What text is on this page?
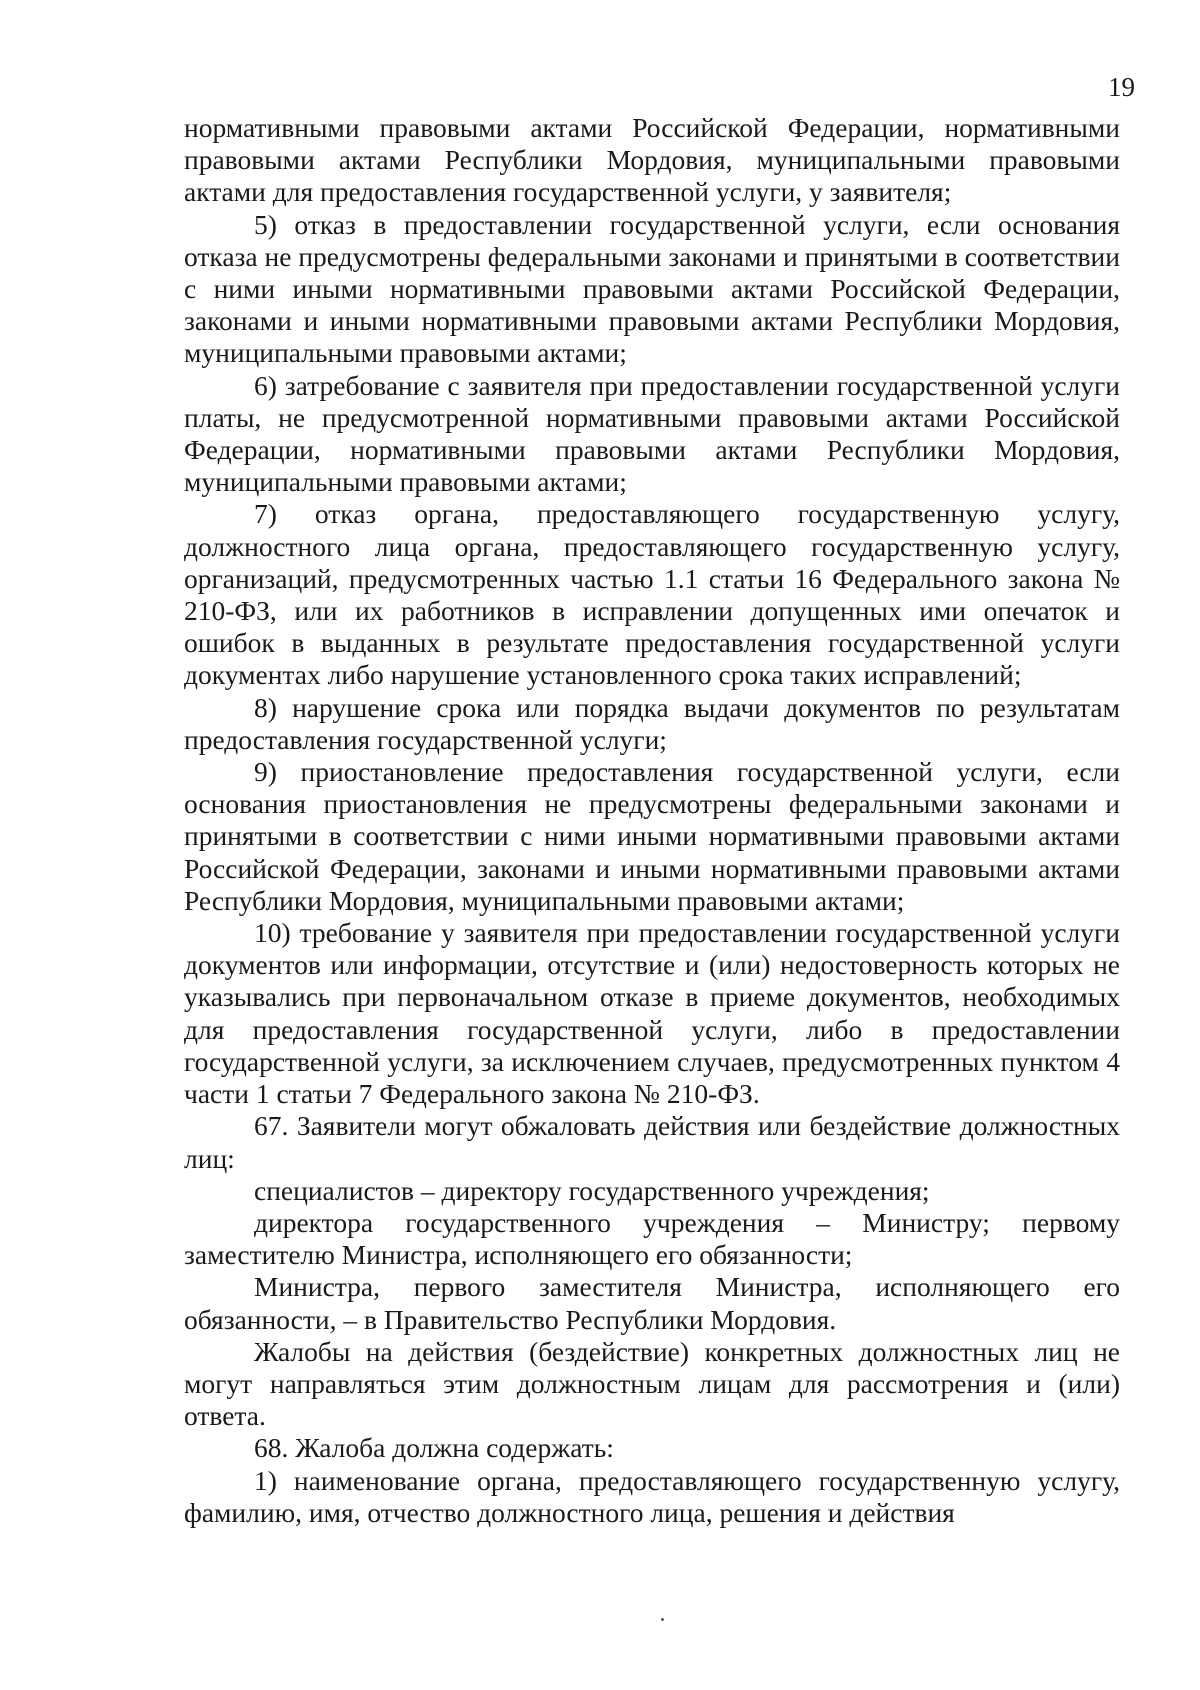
19

нормативными правовыми актами Российской Федерации, нормативными правовыми актами Республики Мордовия, муниципальными правовыми актами для предоставления государственной услуги, у заявителя;

5) отказ в предоставлении государственной услуги, если основания отказа не предусмотрены федеральными законами и принятыми в соответствии с ними иными нормативными правовыми актами Российской Федерации, законами и иными нормативными правовыми актами Республики Мордовия, муниципальными правовыми актами;

6) затребование с заявителя при предоставлении государственной услуги платы, не предусмотренной нормативными правовыми актами Российской Федерации, нормативными правовыми актами Республики Мордовия, муниципальными правовыми актами;

7) отказ органа, предоставляющего государственную услугу, должностного лица органа, предоставляющего государственную услугу, организаций, предусмотренных частью 1.1 статьи 16 Федерального закона № 210-ФЗ, или их работников в исправлении допущенных ими опечаток и ошибок в выданных в результате предоставления государственной услуги документах либо нарушение установленного срока таких исправлений;

8) нарушение срока или порядка выдачи документов по результатам предоставления государственной услуги;

9) приостановление предоставления государственной услуги, если основания приостановления не предусмотрены федеральными законами и принятыми в соответствии с ними иными нормативными правовыми актами Российской Федерации, законами и иными нормативными правовыми актами Республики Мордовия, муниципальными правовыми актами;

10) требование у заявителя при предоставлении государственной услуги документов или информации, отсутствие и (или) недостоверность которых не указывались при первоначальном отказе в приеме документов, необходимых для предоставления государственной услуги, либо в предоставлении государственной услуги, за исключением случаев, предусмотренных пунктом 4 части 1 статьи 7 Федерального закона № 210-ФЗ.

67. Заявители могут обжаловать действия или бездействие должностных лиц:

специалистов – директору государственного учреждения;

директора государственного учреждения – Министру; первому заместителю Министра, исполняющего его обязанности;

Министра, первого заместителя Министра, исполняющего его обязанности, – в Правительство Республики Мордовия.

Жалобы на действия (бездействие) конкретных должностных лиц не могут направляться этим должностным лицам для рассмотрения и (или) ответа.

68. Жалоба должна содержать:

1) наименование органа, предоставляющего государственную услугу, фамилию, имя, отчество должностного лица, решения и действия
